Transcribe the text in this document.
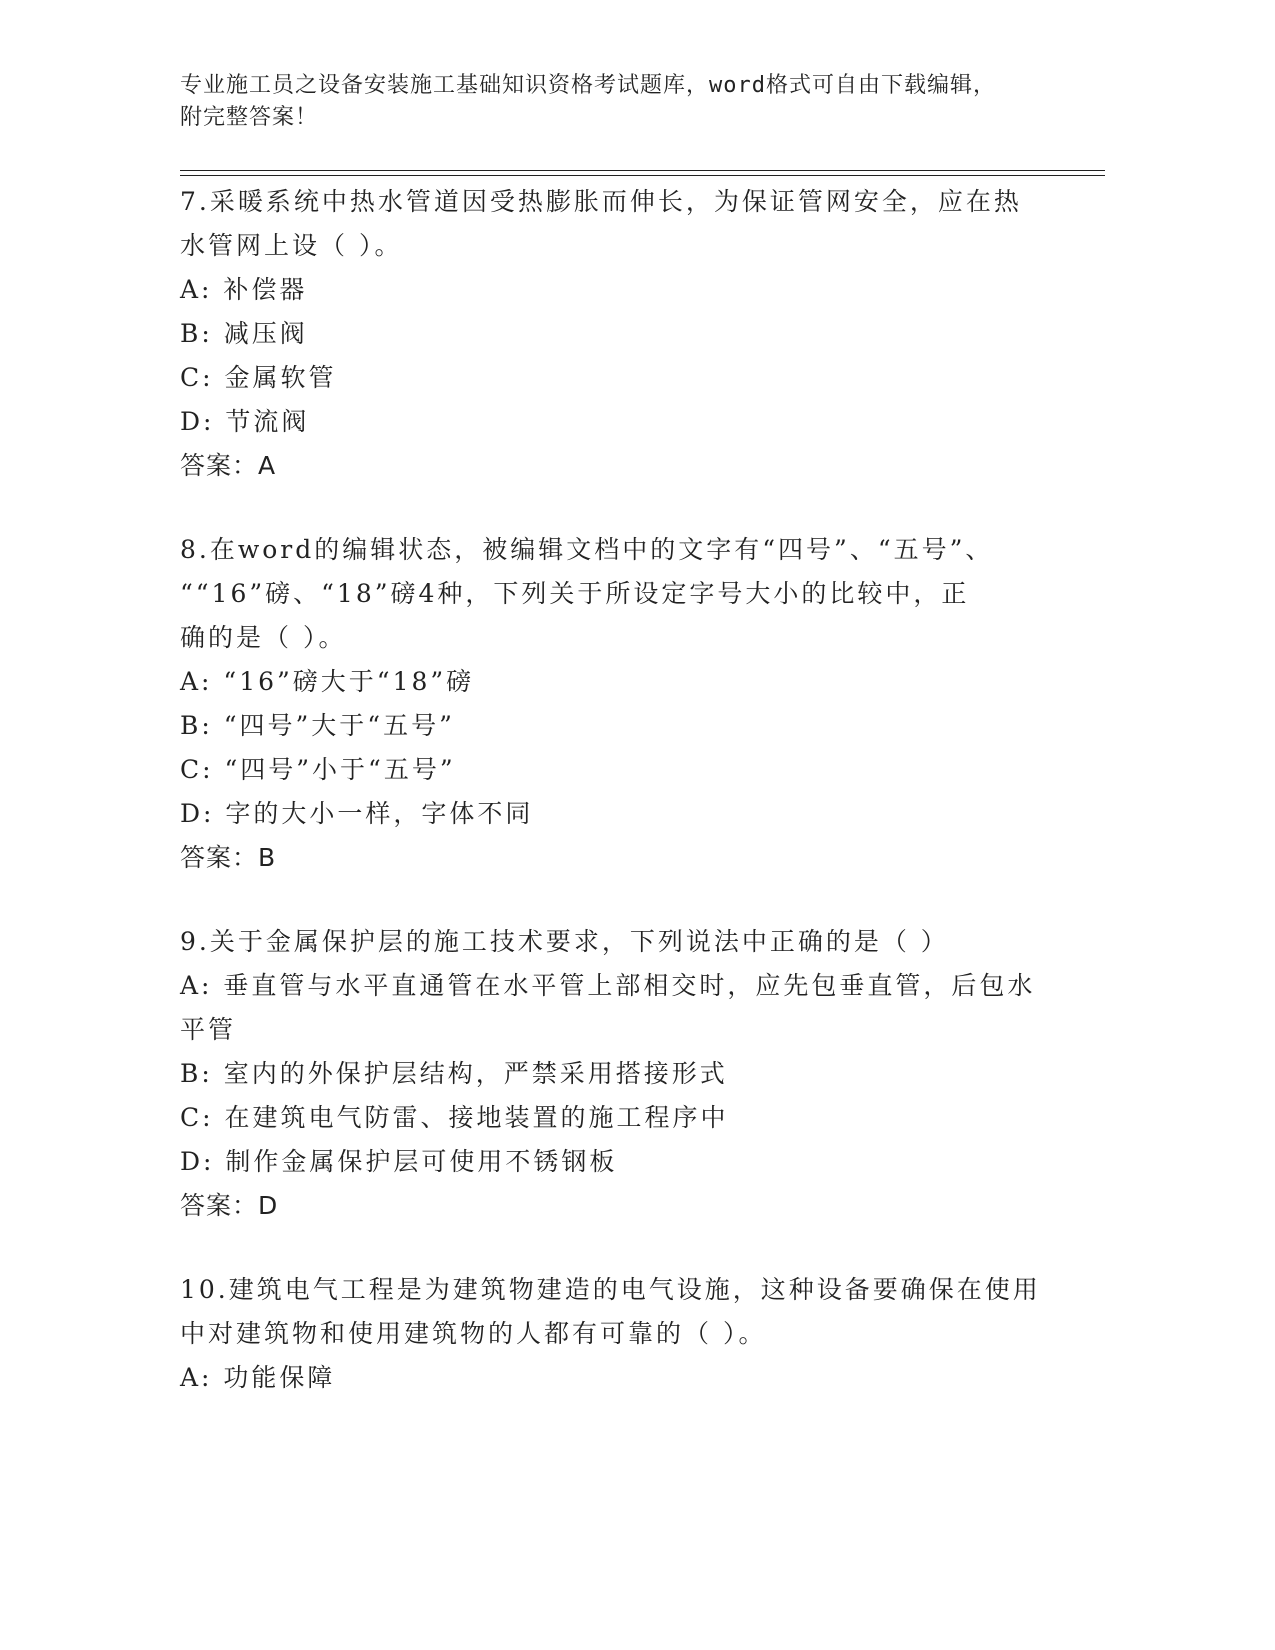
专业施工员之设备安装施工基础知识资格考试题库，word格式可自由下载编辑，
附完整答案！
7.采暖系统中热水管道因受热膨胀而伸长，为保证管网安全，应在热
水管网上设（ ）。
A: 补偿器
B: 减压阀
C: 金属软管
D: 节流阀
答案：A
8.在word的编辑状态，被编辑文档中的文字有“四号”、“五号”、
““16”磅、“18”磅4种，下列关于所设定字号大小的比较中，正
确的是（ ）。
A: “16”磅大于“18”磅
B: “四号”大于“五号”
C: “四号”小于“五号”
D: 字的大小一样，字体不同
答案：B
9.关于金属保护层的施工技术要求，下列说法中正确的是（ ）
A: 垂直管与水平直通管在水平管上部相交时，应先包垂直管，后包水
平管
B: 室内的外保护层结构，严禁采用搭接形式
C: 在建筑电气防雷、接地装置的施工程序中
D: 制作金属保护层可使用不锈钢板
答案：D
10.建筑电气工程是为建筑物建造的电气设施，这种设备要确保在使用
中对建筑物和使用建筑物的人都有可靠的（ ）。
A: 功能保障
